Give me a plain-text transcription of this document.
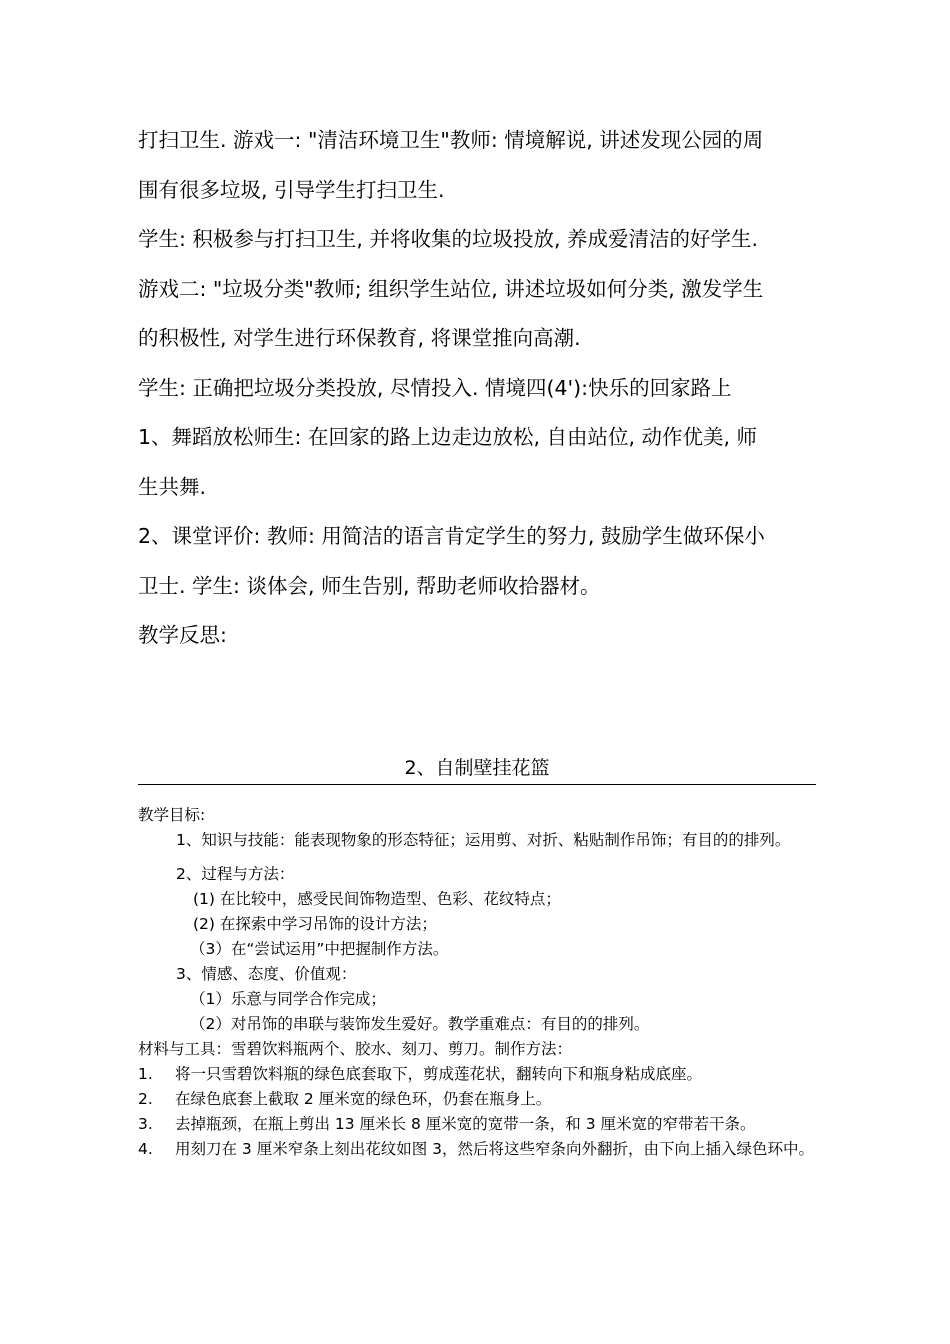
打扫卫生. 游戏一: "清洁环境卫生"教师: 情境解说, 讲述发现公园的周
围有很多垃圾, 引导学生打扫卫生.
学生: 积极参与打扫卫生, 并将收集的垃圾投放, 养成爱清洁的好学生.
游戏二: "垃圾分类"教师; 组织学生站位, 讲述垃圾如何分类, 激发学生
的积极性, 对学生进行环保教育, 将课堂推向高潮.
学生: 正确把垃圾分类投放, 尽情投入. 情境四(4'):快乐的回家路上
1、舞蹈放松师生: 在回家的路上边走边放松, 自由站位, 动作优美, 师
生共舞.
2、课堂评价: 教师: 用简洁的语言肯定学生的努力, 鼓励学生做环保小
卫士. 学生: 谈体会, 师生告别, 帮助老师收拾器材。
教学反思:
2、自制壁挂花篮
教学目标:
1、知识与技能：能表现物象的形态特征；运用剪、对折、粘贴制作吊饰；有目的的排列。
2、过程与方法：
(1) 在比较中，感受民间饰物造型、色彩、花纹特点；
(2) 在探索中学习吊饰的设计方法；
（3）在“尝试运用”中把握制作方法。
3、情感、态度、价值观：
（1）乐意与同学合作完成；
（2）对吊饰的串联与装饰发生爱好。教学重难点：有目的的排列。
材料与工具：雪碧饮料瓶两个、胶水、刻刀、剪刀。制作方法：
1. 将一只雪碧饮料瓶的绿色底套取下，剪成莲花状，翻转向下和瓶身粘成底座。
2. 在绿色底套上截取 2 厘米宽的绿色环，仍套在瓶身上。
3. 去掉瓶颈，在瓶上剪出 13 厘米长 8 厘米宽的宽带一条，和 3 厘米宽的窄带若干条。
4. 用刻刀在 3 厘米窄条上刻出花纹如图 3，然后将这些窄条向外翻折，由下向上插入绿色环中。
